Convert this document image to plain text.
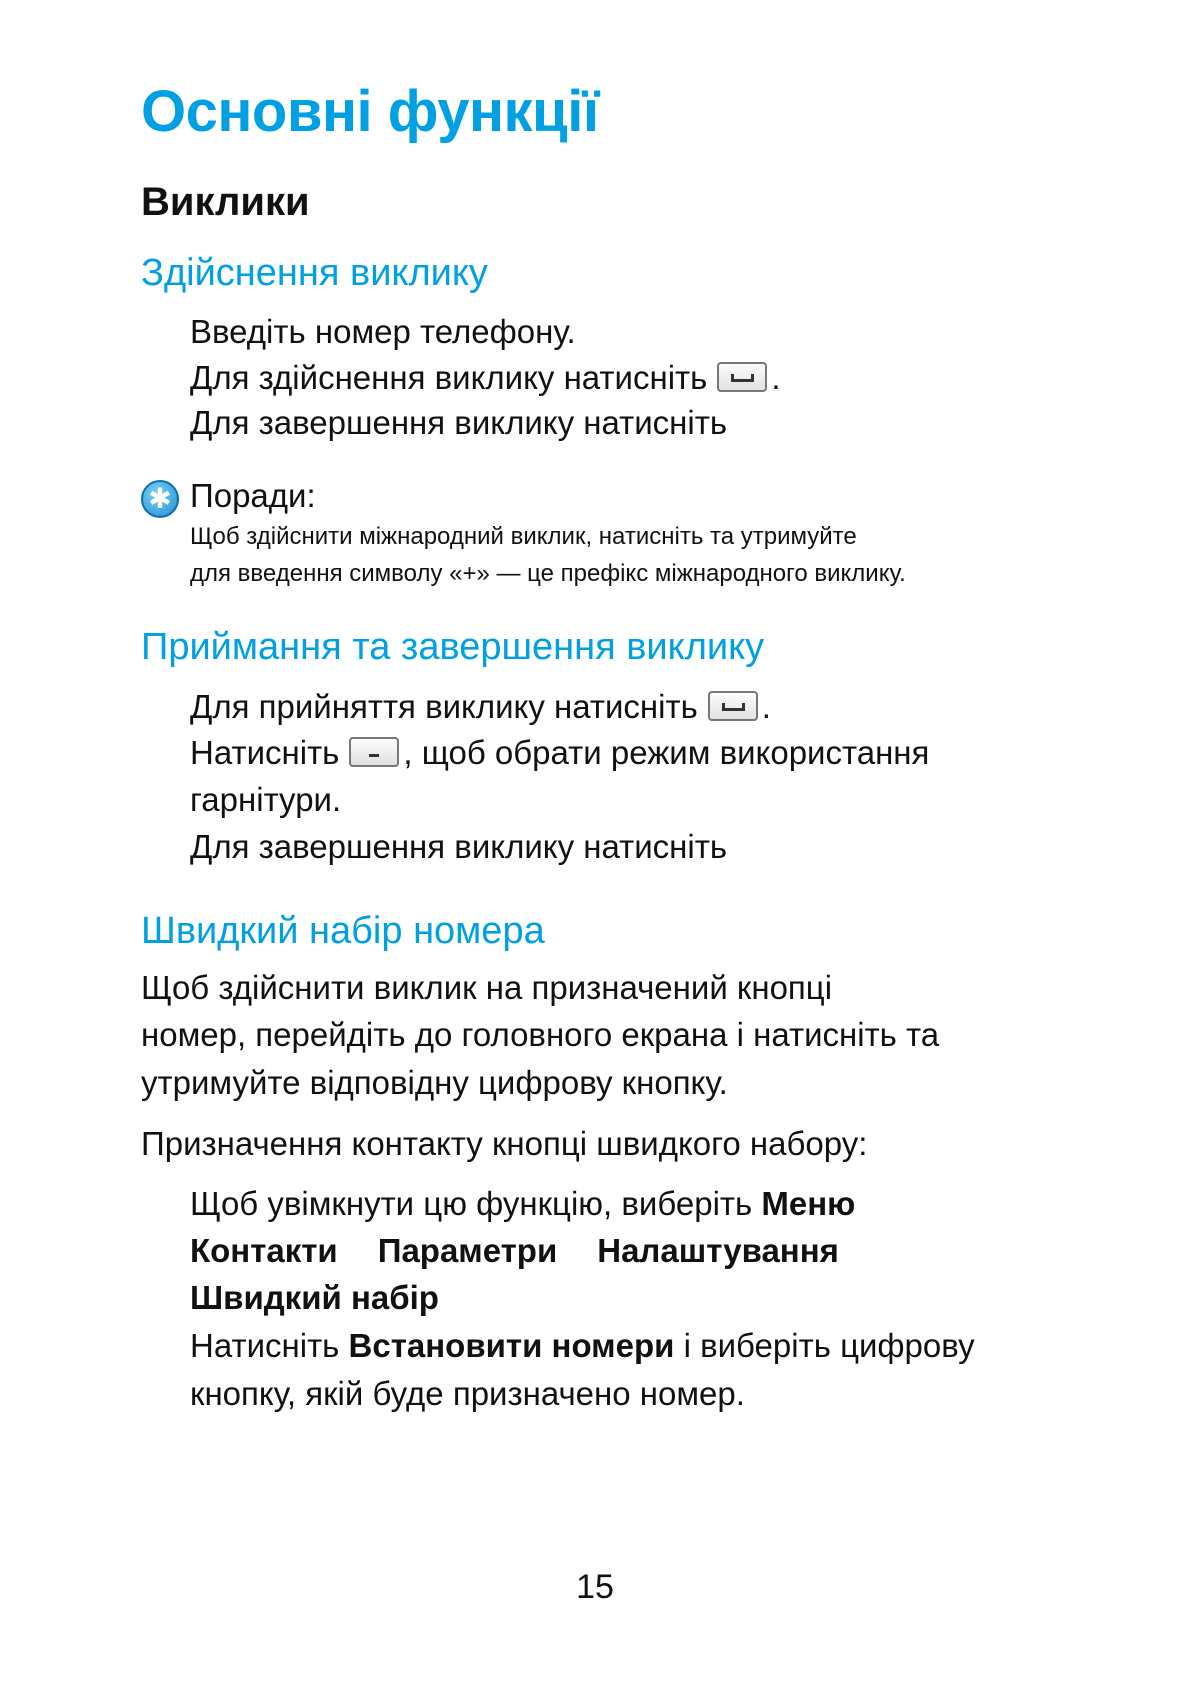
Основні функції
Виклики
Здійснення виклику

Введіть номер телефону.

Для здійснення виклику натисніть .

Для завершення виклику натисніть

✱ Поради:

Щоб здійснити міжнародний виклик, натисніть та утримуйте

для введення символу «+» — це префікс міжнародного виклику.

Приймання та завершення виклику

Для прийняття виклику натисніть .

Натисніть , щоб обрати режим використання

гарнітури.

Для завершення виклику натисніть

Швидкий набір номера

Щоб здійснити виклик на призначений кнопці

номер, перейдіть до головного екрана і натисніть та

утримуйте відповідну цифрову кнопку.

Призначення контакту кнопці швидкого набору:

Щоб увімкнути цю функцію, виберіть Меню

Контакти Параметри Налаштування

Швидкий набір

Натисніть Встановити номери і виберіть цифрову

кнопку, якій буде призначено номер.

15
